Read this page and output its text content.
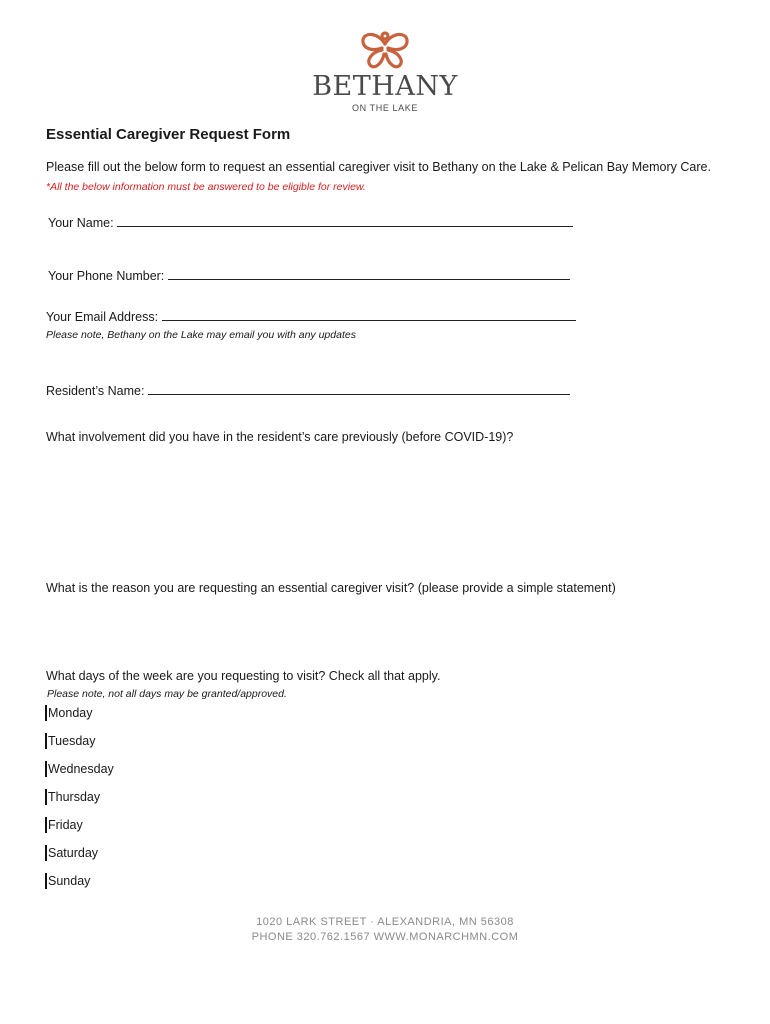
BETHANY
ON THE LAKE
Essential Caregiver Request Form
Please fill out the below form to request an essential caregiver visit to Bethany on the Lake & Pelican Bay Memory Care. *All the below information must be answered to be eligible for review.
Your Name:
Your Phone Number:
Your Email Address:
Please note, Bethany on the Lake may email you with any updates
Resident’s Name:
What involvement did you have in the resident’s care previously (before COVID-19)?
What is the reason you are requesting an essential caregiver visit? (please provide a simple statement)
What days of the week are you requesting to visit? Check all that apply.
Please note, not all days may be granted/approved.
Monday
Tuesday
Wednesday
Thursday
Friday
Saturday
Sunday
1020 LARK STREET · ALEXANDRIA, MN 56308
PHONE 320.762.1567 WWW.MONARCHMN.COM
